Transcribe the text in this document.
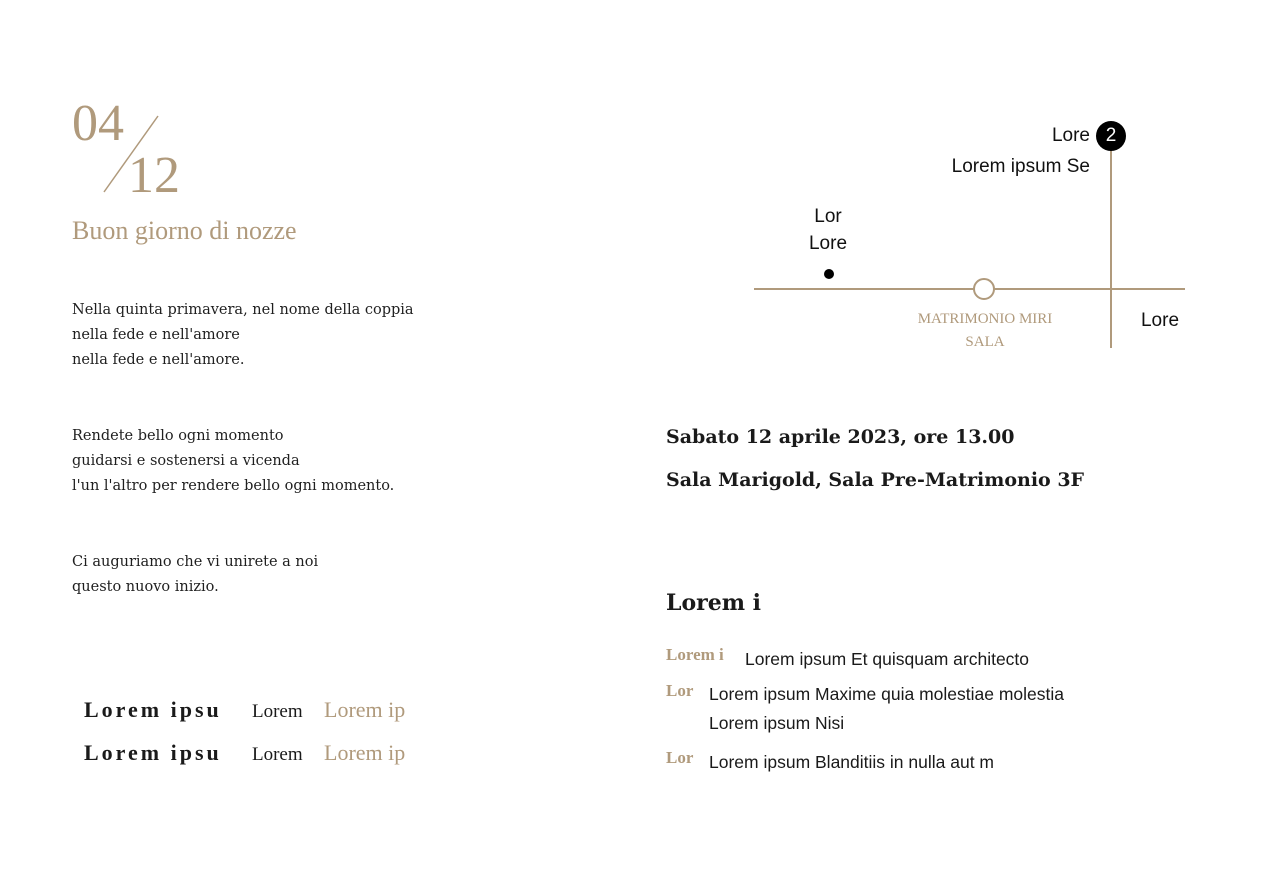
04
12
Buon giorno di nozze
Nella quinta primavera, nel nome della coppia
nella fede e nell'amore
nella fede e nell'amore.
Rendete bello ogni momento
guidarsi e sostenersi a vicenda
l'un l'altro per rendere bello ogni momento.
Ci auguriamo che vi unirete a noi
questo nuovo inizio.
Lorem ipsu	Lorem Lorem ip
Lorem ipsu	Lorem Lorem ip
2
Lore
Lorem ipsum Se
Lor
Lore
MATRIMONIO MIRI
SALA
Lore
Sabato 12 aprile 2023, ore 13.00
Sala Marigold, Sala Pre-Matrimonio 3F
Lorem i
Lorem i Lorem ipsum Et quisquam architecto
Lor Lorem ipsum Maxime quia molestiae molestia
Lorem ipsum Nisi
Lor Lorem ipsum Blanditiis in nulla aut m
